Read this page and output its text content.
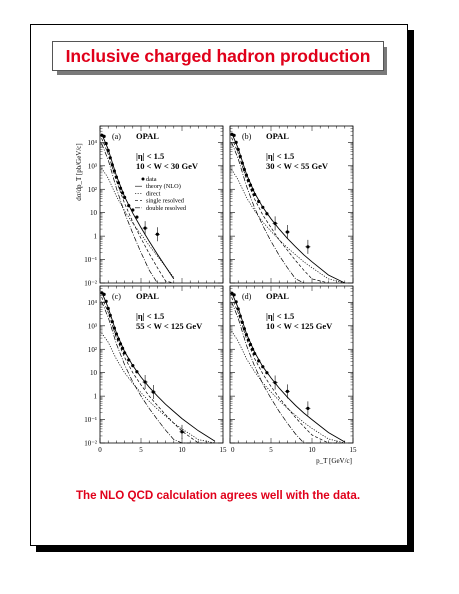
Inclusive charged hadron production
10⁻²
10⁻¹
1
10
10²
10³
10⁴
(a) OPAL
|η| < 1.5
10 < W < 30 GeV
data
theory (NLO)
direct
single resolved
double resolved
(b) OPAL
|η| < 1.5
30 < W < 55 GeV
10⁻²
10⁻¹
1
10
10²
10³
10⁴
0	5	10	15
(c) OPAL
|η| < 1.5
55 < W < 125 GeV
0	5	10	15
(d) OPAL
|η| < 1.5
10 < W < 125 GeV
dσ/dp_T [pb/GeV/c]
p_T [GeV/c]
The NLO QCD calculation agrees well with the data.
